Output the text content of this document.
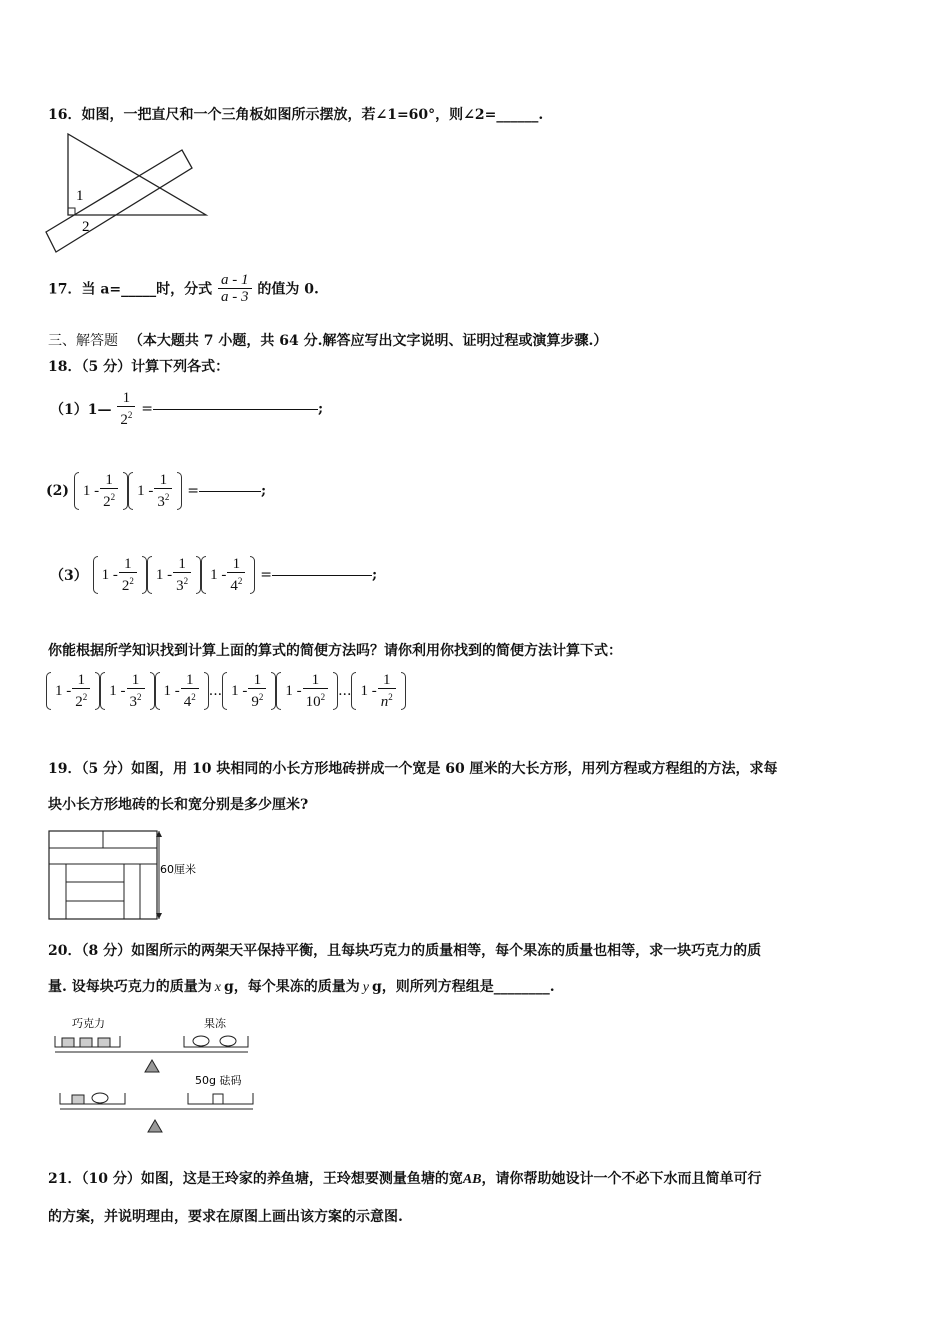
16．如图，一把直尺和一个三角板如图所示摆放，若∠1=60°，则∠2=______.
1
2
17．当 a=_____时，分式 $\frac{a - 1}{a - 3}$ 的值为 0.
三、解答题 （本大题共 7 小题，共 64 分.解答应写出文字说明、证明过程或演算步骤.）
18．（5 分）计算下列各式：
（1）1— $\frac{1}{2^2}$ =	;
(2) $1 - \frac{1}{2^2} 1 - \frac{1}{3^2}$ =	;
（3） $1 - \frac{1}{2^2} 1 - \frac{1}{3^2} 1 - \frac{1}{4^2}$ =	;
你能根据所学知识找到计算上面的算式的简便方法吗？请你利用你找到的简便方法计算下式：
$1 - \frac{1}{2^2} 1 - \frac{1}{3^2} 1 - \frac{1}{4^2}$ ... $1 - \frac{1}{9^2} 1 - \frac{1}{10^2}$ ... $1 - \frac{1}{n^2}$
19．（5 分）如图，用 10 块相同的小长方形地砖拼成一个宽是 60 厘米的大长方形，用列方程或方程组的方法，求每
块小长方形地砖的长和宽分别是多少厘米?
60厘米
20．（8 分）如图所示的两架天平保持平衡，且每块巧克力的质量相等，每个果冻的质量也相等，求一块巧克力的质
量. 设每块巧克力的质量为 x g，每个果冻的质量为 y g，则所列方程组是________.
巧克力	果冻
50g 砝码
21．（10 分）如图，这是王玲家的养鱼塘，王玲想要测量鱼塘的宽AB，请你帮助她设计一个不必下水而且简单可行
的方案，并说明理由，要求在原图上画出该方案的示意图.
